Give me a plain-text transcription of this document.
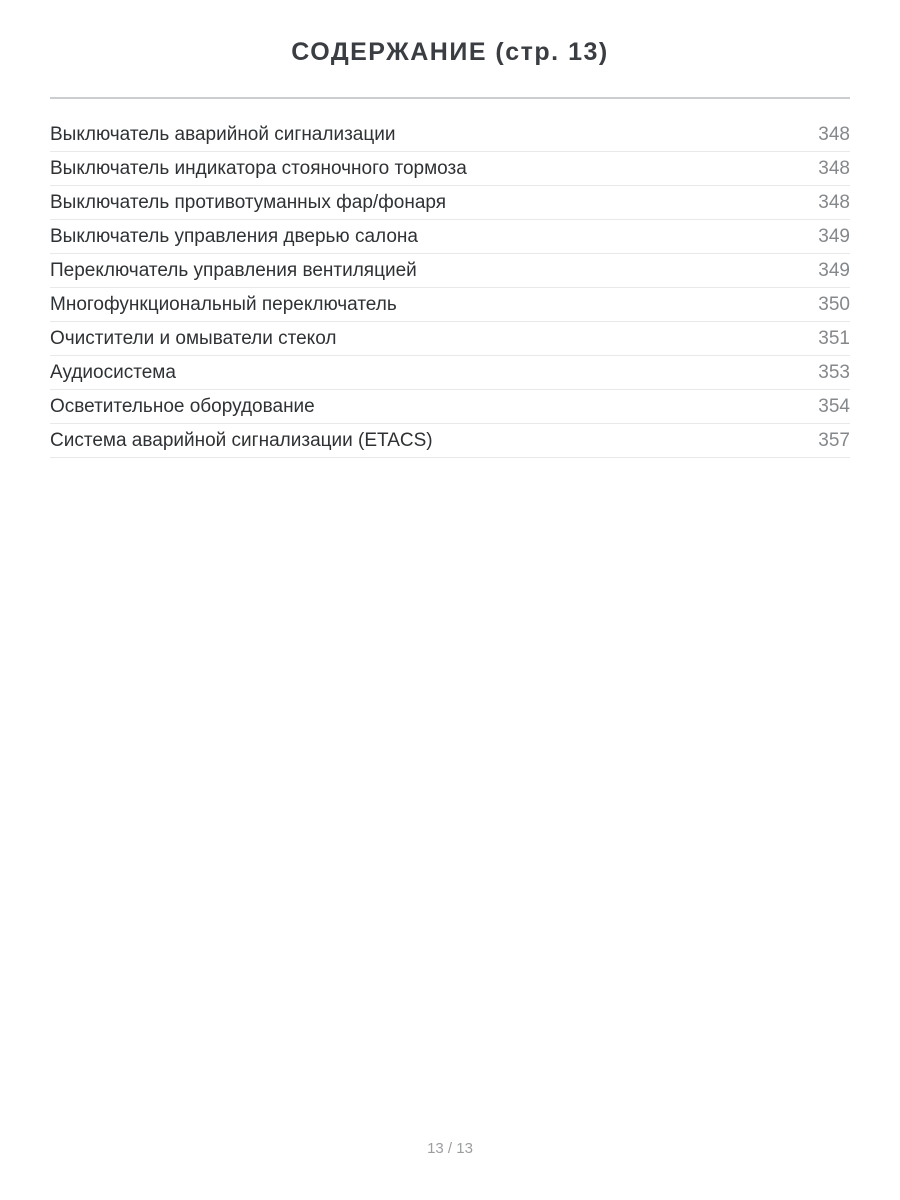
СОДЕРЖАНИЕ (стр. 13)
Выключатель аварийной сигнализации	348
Выключатель индикатора стояночного тормоза	348
Выключатель противотуманных фар/фонаря	348
Выключатель управления дверью салона	349
Переключатель управления вентиляцией	349
Многофункциональный переключатель	350
Очистители и омыватели стекол	351
Аудиосистема	353
Осветительное оборудование	354
Система аварийной сигнализации (ETACS)	357
13 / 13
